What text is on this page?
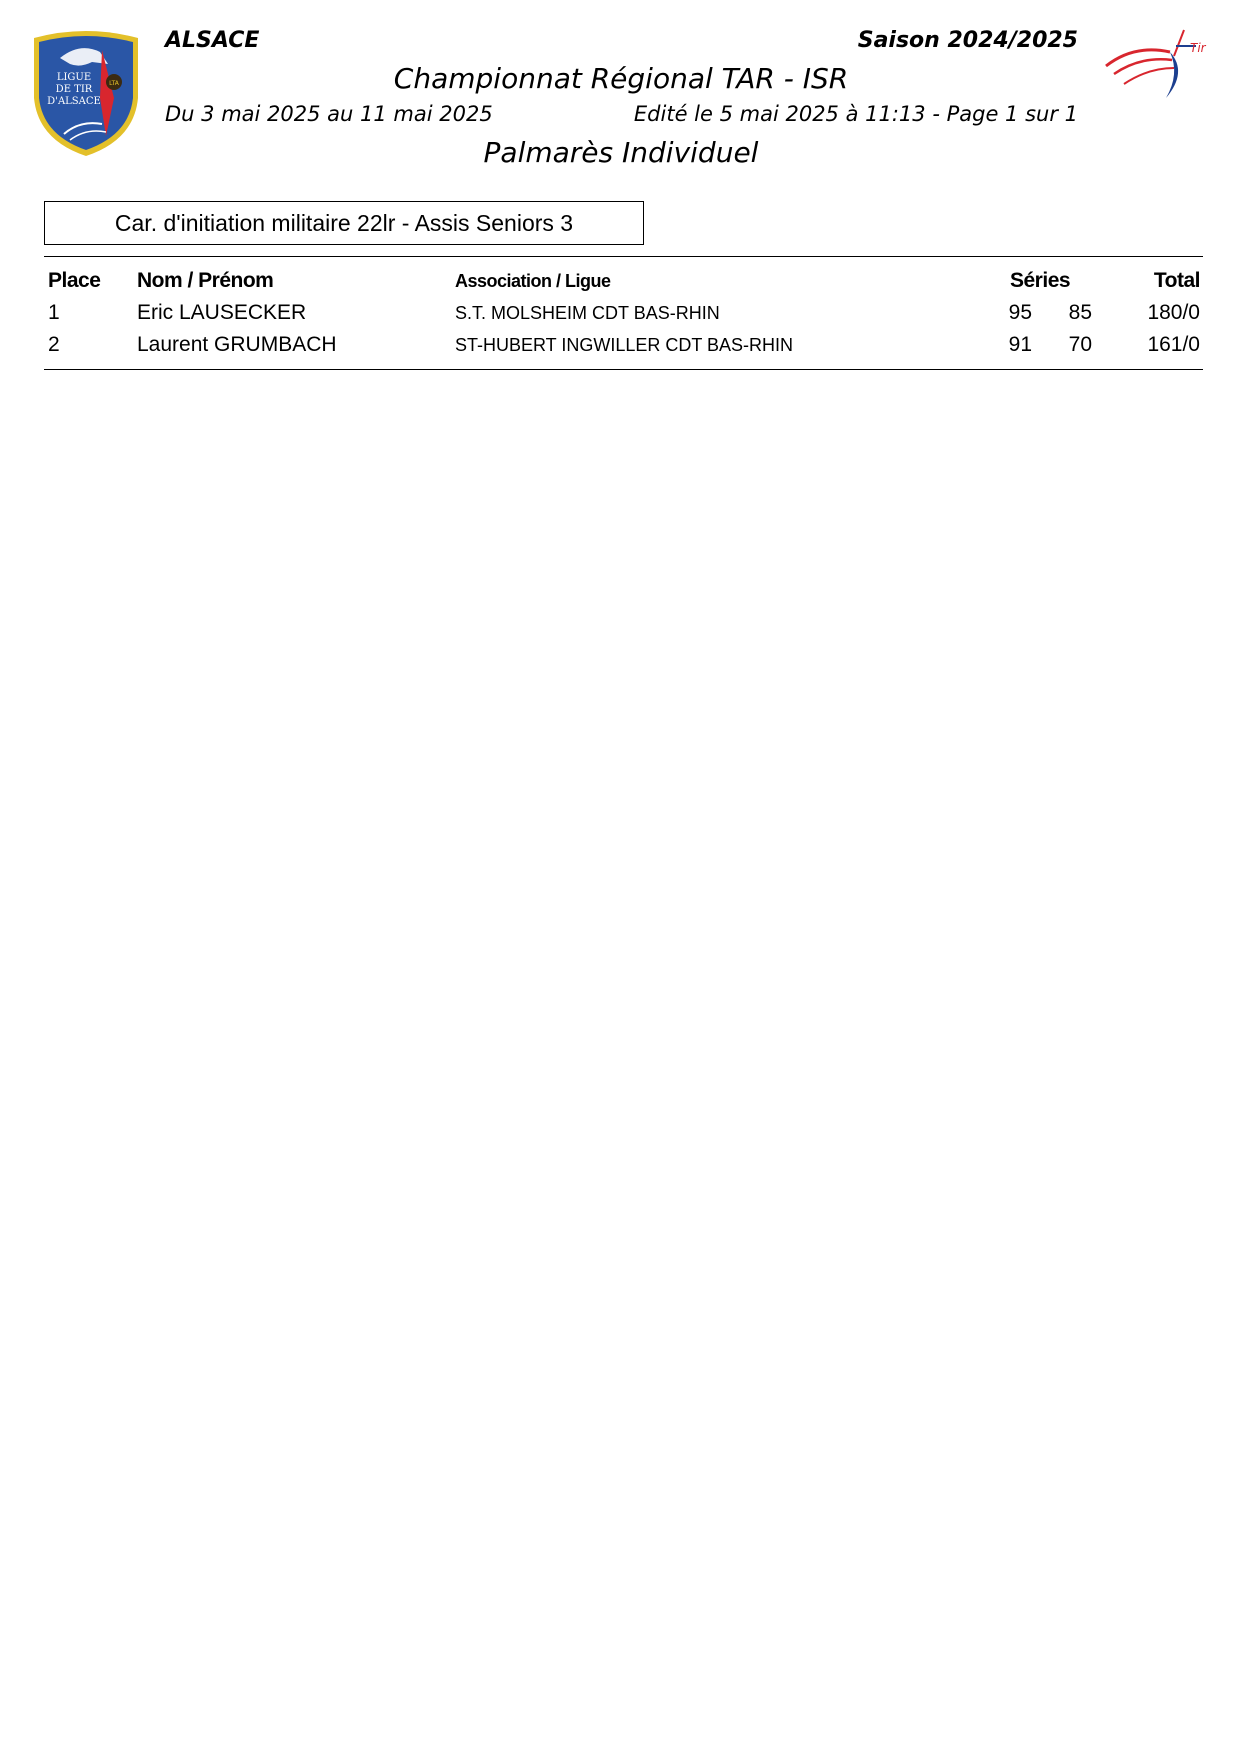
LTA
LIGUE
DE TIR
D'ALSACE
Tir
ALSACE	Saison 2024/2025
Championnat Régional TAR - ISR
Du 3 mai 2025 au 11 mai 2025	Edité le 5 mai 2025 à 11:13 - Page 1 sur 1
Palmarès Individuel
Car. d'initiation militaire 22lr - Assis Seniors 3
Place Nom / Prénom	Association / Ligue	Séries	Total
1	Eric LAUSECKER	S.T. MOLSHEIM CDT BAS-RHIN	95	85	180/0
2	Laurent GRUMBACH	ST-HUBERT INGWILLER CDT BAS-RHIN	91	70	161/0
